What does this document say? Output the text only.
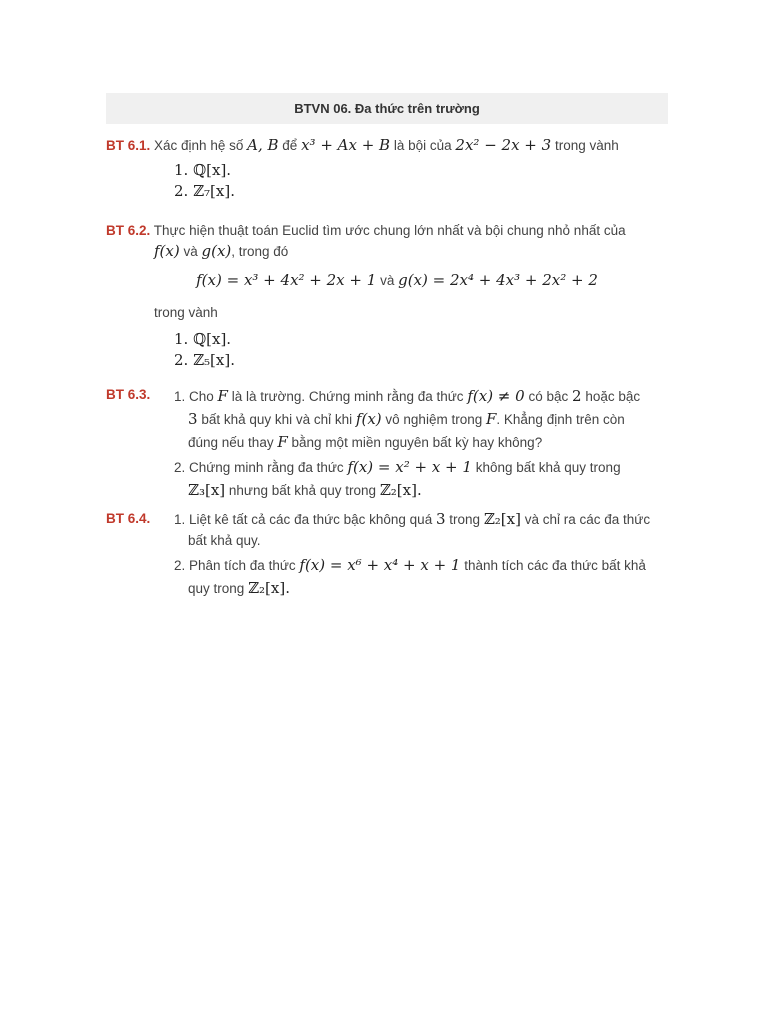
BTVN 06. Đa thức trên trường
BT 6.1. Xác định hệ số A, B để x³ + Ax + B là bội của 2x² − 2x + 3 trong vành
1. ℚ[x].
2. ℤ₇[x].
BT 6.2. Thực hiện thuật toán Euclid tìm ước chung lớn nhất và bội chung nhỏ nhất của
f(x) và g(x), trong đó
f(x) = x³ + 4x² + 2x + 1 và g(x) = 2x⁴ + 4x³ + 2x² + 2
trong vành
1. ℚ[x].
2. ℤ₅[x].
BT 6.3. 1. Cho F là là trường. Chứng minh rằng đa thức f(x) ≠ 0 có bậc 2 hoặc bậc
3 bất khả quy khi và chỉ khi f(x) vô nghiệm trong F. Khẳng định trên còn
đúng nếu thay F bằng một miền nguyên bất kỳ hay không?
2. Chứng minh rằng đa thức f(x) = x² + x + 1 không bất khả quy trong
ℤ₃[x] nhưng bất khả quy trong ℤ₂[x].
BT 6.4. 1. Liệt kê tất cả các đa thức bậc không quá 3 trong ℤ₂[x] và chỉ ra các đa thức
bất khả quy.
2. Phân tích đa thức f(x) = x⁶ + x⁴ + x + 1 thành tích các đa thức bất khả
quy trong ℤ₂[x].
